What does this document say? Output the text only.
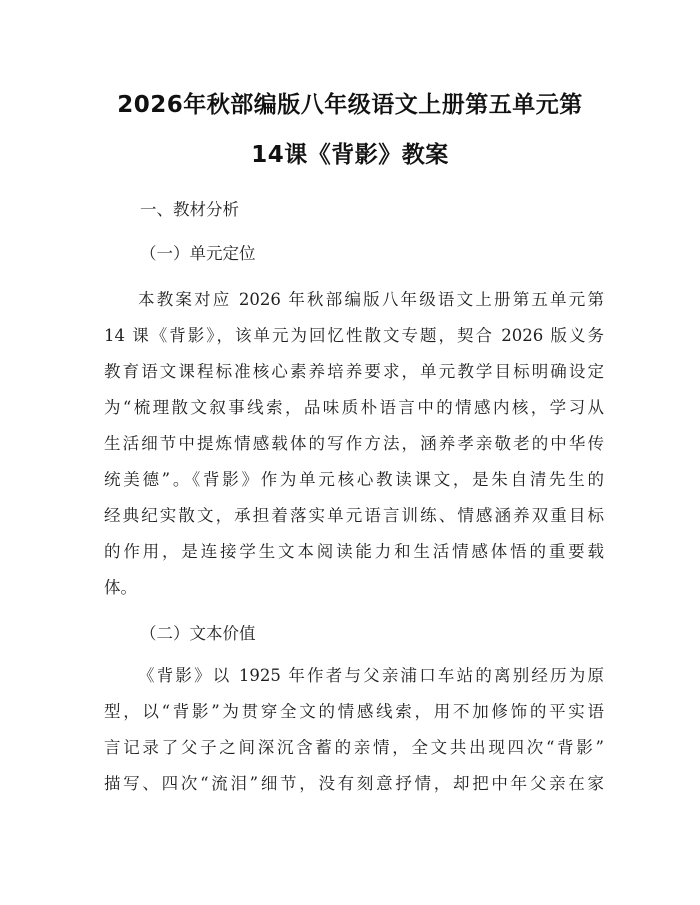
2026年秋部编版八年级语文上册第五单元第
14课《背影》教案
一、教材分析
（一）单元定位
本教案对应 2026 年秋部编版八年级语文上册第五单元第
14 课《背影》，该单元为回忆性散文专题，契合 2026 版义务
教育语文课程标准核心素养培养要求，单元教学目标明确设定
为“梳理散文叙事线索，品味质朴语言中的情感内核，学习从
生活细节中提炼情感载体的写作方法，涵养孝亲敬老的中华传
统美德”。《背影》作为单元核心教读课文，是朱自清先生的
经典纪实散文，承担着落实单元语言训练、情感涵养双重目标
的作用，是连接学生文本阅读能力和生活情感体悟的重要载
体。
（二）文本价值
《背影》以 1925 年作者与父亲浦口车站的离别经历为原
型，以“背影”为贯穿全文的情感线索，用不加修饰的平实语
言记录了父子之间深沉含蓄的亲情，全文共出现四次“背影”
描写、四次“流泪”细节，没有刻意抒情，却把中年父亲在家
